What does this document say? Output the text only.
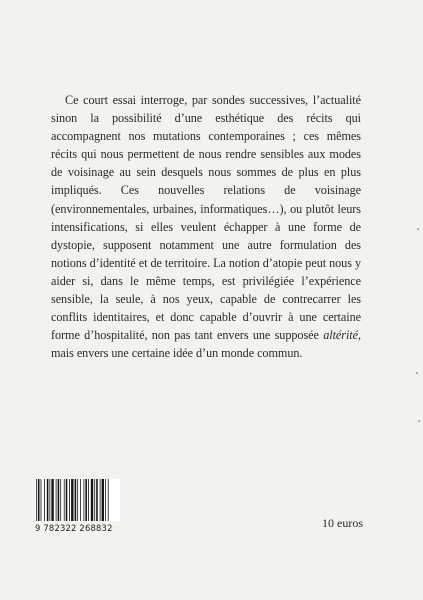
Ce court essai interroge, par sondes successives, l’actualité sinon la possibilité d’une esthétique des récits qui accompagnent nos mutations contemporaines ; ces mêmes récits qui nous permettent de nous rendre sensibles aux modes de voisinage au sein desquels nous sommes de plus en plus impliqués. Ces nouvelles relations de voisinage (environnementales, urbaines, informatiques…), ou plutôt leurs intensifications, si elles veulent échapper à une forme de dystopie, supposent notamment une autre formulation des notions d’identité et de territoire. La notion d’atopie peut nous y aider si, dans le même temps, est privilégiée l’expérience sensible, la seule, à nos yeux, capable de contrecarrer les conflits identitaires, et donc capable d’ouvrir à une certaine forme d’hospitalité, non pas tant envers une supposée altérité, mais envers une certaine idée d’un monde commun.

9 782322 268832	10 euros
